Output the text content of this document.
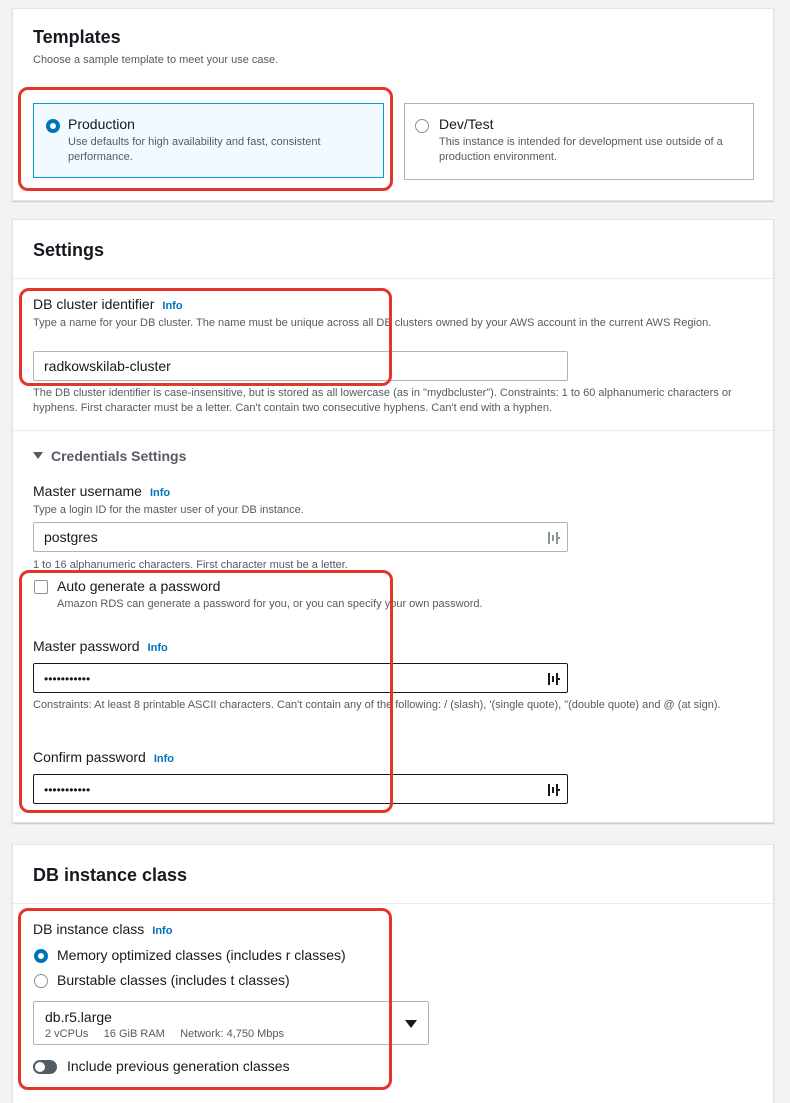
Templates
Choose a sample template to meet your use case.
Production
Use defaults for high availability and fast, consistent performance.
Dev/Test
This instance is intended for development use outside of a production environment.
Settings
DB cluster identifier Info
Type a name for your DB cluster. The name must be unique across all DB clusters owned by your AWS account in the current AWS Region.
radkowskilab-cluster
The DB cluster identifier is case-insensitive, but is stored as all lowercase (as in "mydbcluster"). Constraints: 1 to 60 alphanumeric characters or hyphens. First character must be a letter. Can't contain two consecutive hyphens. Can't end with a hyphen.
Credentials Settings
Master username Info
Type a login ID for the master user of your DB instance.
postgres
1 to 16 alphanumeric characters. First character must be a letter.
Auto generate a password
Amazon RDS can generate a password for you, or you can specify your own password.
Master password Info
•••••••••••
Constraints: At least 8 printable ASCII characters. Can't contain any of the following: / (slash), '(single quote), "(double quote) and @ (at sign).
Confirm password Info
•••••••••••
DB instance class
DB instance class Info
Memory optimized classes (includes r classes)
Burstable classes (includes t classes)
db.r5.large
2 vCPUs 16 GiB RAM Network: 4,750 Mbps
Include previous generation classes
